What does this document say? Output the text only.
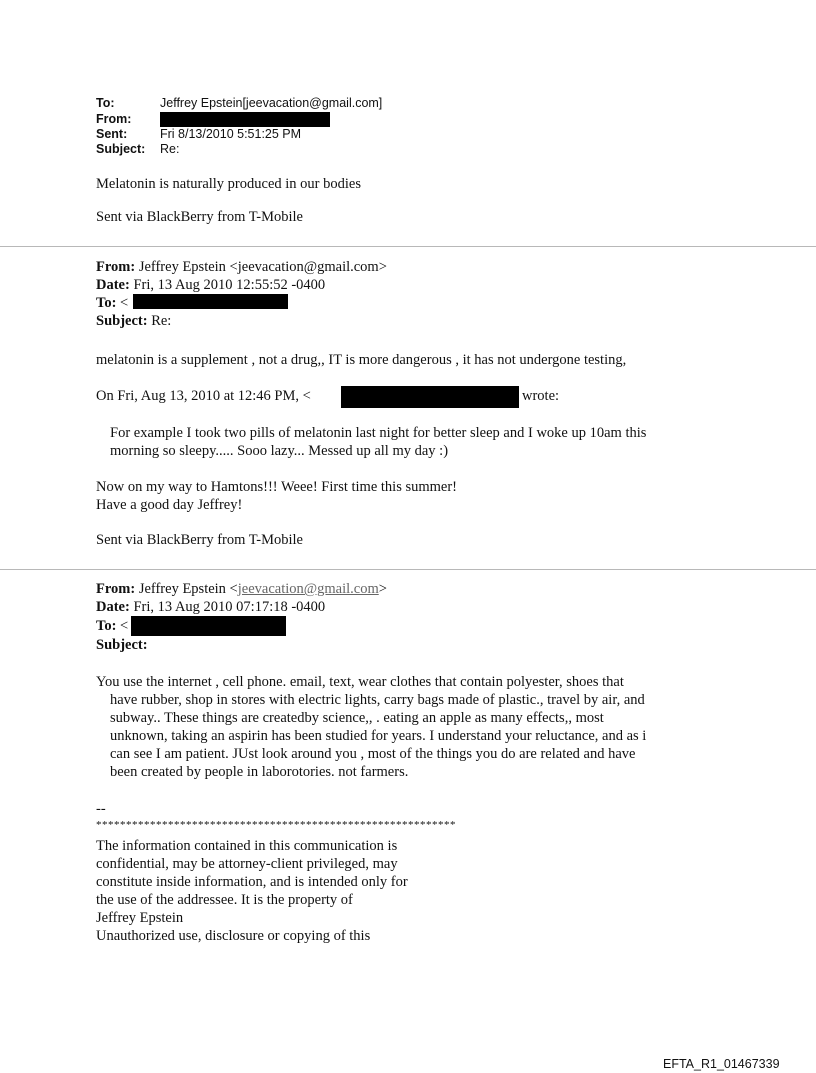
To:	Jeffrey Epstein[jeevacation@gmail.com]
From:
Sent:	Fri 8/13/2010 5:51:25 PM
Subject: Re:
Melatonin is naturally produced in our bodies
Sent via BlackBerry from T-Mobile
From: Jeffrey Epstein <jeevacation@gmail.com>
Date: Fri, 13 Aug 2010 12:55:52 -0400
To: <
Subject: Re:
melatonin is a supplement , not a drug,, IT is more dangerous , it has not undergone testing,
On Fri, Aug 13, 2010 at 12:46 PM, <	wrote:
For example I took two pills of melatonin last night for better sleep and I woke up 10am this
morning so sleepy..... Sooo lazy... Messed up all my day :)
Now on my way to Hamtons!!! Weee! First time this summer!
Have a good day Jeffrey!
Sent via BlackBerry from T-Mobile
From: Jeffrey Epstein <jeevacation@gmail.com>
Date: Fri, 13 Aug 2010 07:17:18 -0400
To: <
Subject:
You use the internet , cell phone. email, text, wear clothes that contain polyester, shoes that
have rubber, shop in stores with electric lights, carry bags made of plastic., travel by air, and
subway.. These things are createdby science,, . eating an apple as many effects,, most
unknown, taking an aspirin has been studied for years. I understand your reluctance, and as i
can see I am patient. JUst look around you , most of the things you do are related and have
been created by people in laborotories. not farmers.
--
************************************************************
The information contained in this communication is
confidential, may be attorney-client privileged, may
constitute inside information, and is intended only for
the use of the addressee. It is the property of
Jeffrey Epstein
Unauthorized use, disclosure or copying of this
EFTA_R1_01467339
